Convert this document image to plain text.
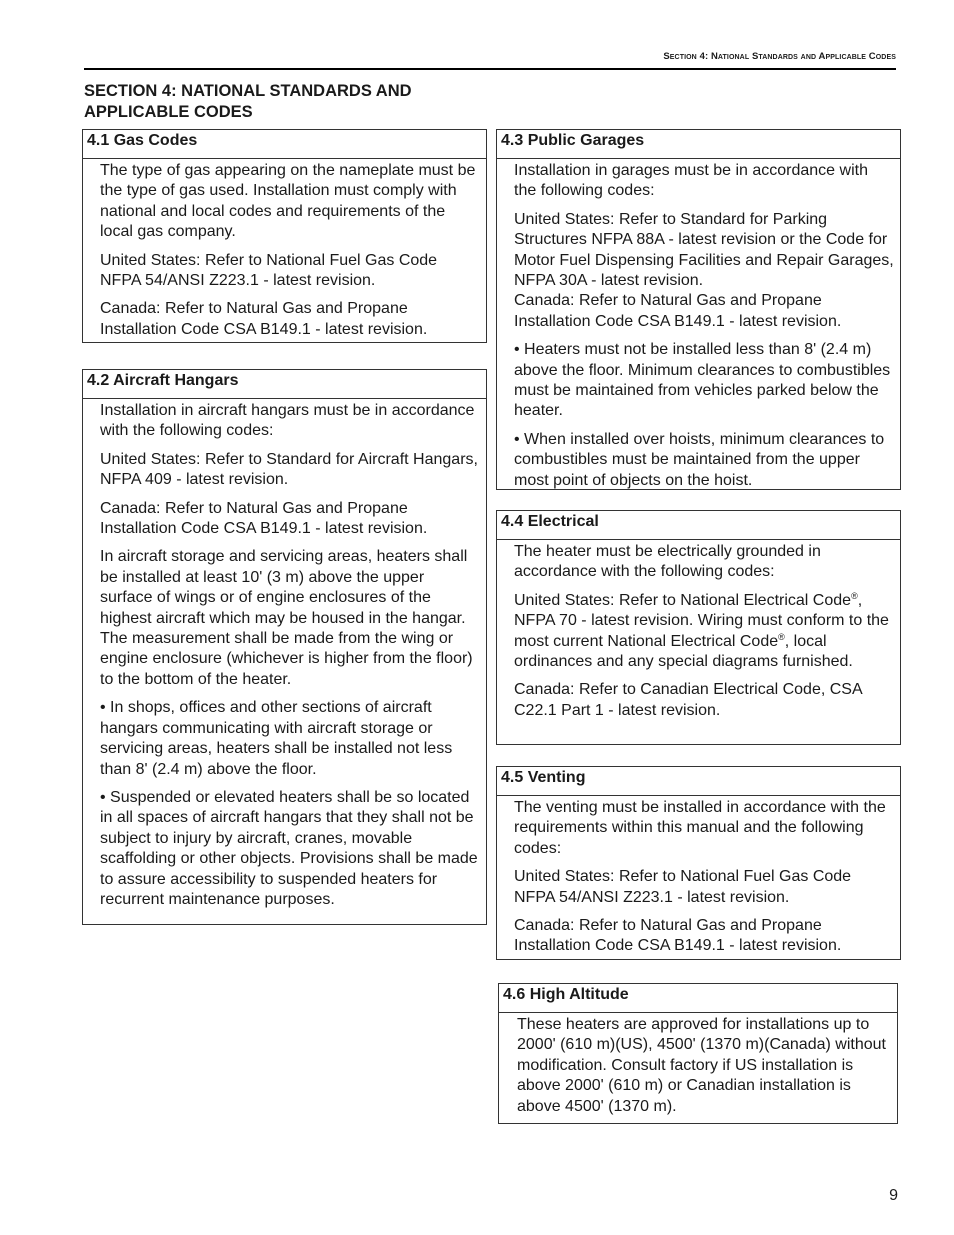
Section 4: National Standards and Applicable Codes
SECTION 4: NATIONAL STANDARDS AND APPLICABLE CODES
4.1 Gas Codes

The type of gas appearing on the nameplate must be the type of gas used. Installation must comply with national and local codes and requirements of the local gas company.

United States: Refer to National Fuel Gas Code NFPA 54/ANSI Z223.1 - latest revision.

Canada: Refer to Natural Gas and Propane Installation Code CSA B149.1 - latest revision.

4.2 Aircraft Hangars

Installation in aircraft hangars must be in accordance with the following codes:

United States: Refer to Standard for Aircraft Hangars, NFPA 409 - latest revision.

Canada: Refer to Natural Gas and Propane Installation Code CSA B149.1 - latest revision.

In aircraft storage and servicing areas, heaters shall be installed at least 10' (3 m) above the upper surface of wings or of engine enclosures of the highest aircraft which may be housed in the hangar. The measurement shall be made from the wing or engine enclosure (whichever is higher from the floor) to the bottom of the heater.

• In shops, offices and other sections of aircraft hangars communicating with aircraft storage or servicing areas, heaters shall be installed not less than 8' (2.4 m) above the floor.

• Suspended or elevated heaters shall be so located in all spaces of aircraft hangars that they shall not be subject to injury by aircraft, cranes, movable scaffolding or other objects. Provisions shall be made to assure accessibility to suspended heaters for recurrent maintenance purposes.

4.3 Public Garages

Installation in garages must be in accordance with the following codes:

United States: Refer to Standard for Parking Structures NFPA 88A - latest revision or the Code for Motor Fuel Dispensing Facilities and Repair Garages, NFPA 30A - latest revision.

Canada: Refer to Natural Gas and Propane Installation Code CSA B149.1 - latest revision.

• Heaters must not be installed less than 8' (2.4 m) above the floor. Minimum clearances to combustibles must be maintained from vehicles parked below the heater.

• When installed over hoists, minimum clearances to combustibles must be maintained from the upper most point of objects on the hoist.

4.4 Electrical

The heater must be electrically grounded in accordance with the following codes:

United States: Refer to National Electrical Code®, NFPA 70 - latest revision. Wiring must conform to the most current National Electrical Code®, local ordinances and any special diagrams furnished.

Canada: Refer to Canadian Electrical Code, CSA C22.1 Part 1 - latest revision.

4.5 Venting

The venting must be installed in accordance with the requirements within this manual and the following codes:

United States: Refer to National Fuel Gas Code NFPA 54/ANSI Z223.1 - latest revision.

Canada: Refer to Natural Gas and Propane Installation Code CSA B149.1 - latest revision.

4.6 High Altitude

These heaters are approved for installations up to 2000' (610 m)(US), 4500' (1370 m)(Canada) without modification. Consult factory if US installation is above 2000' (610 m) or Canadian installation is above 4500' (1370 m).

9
